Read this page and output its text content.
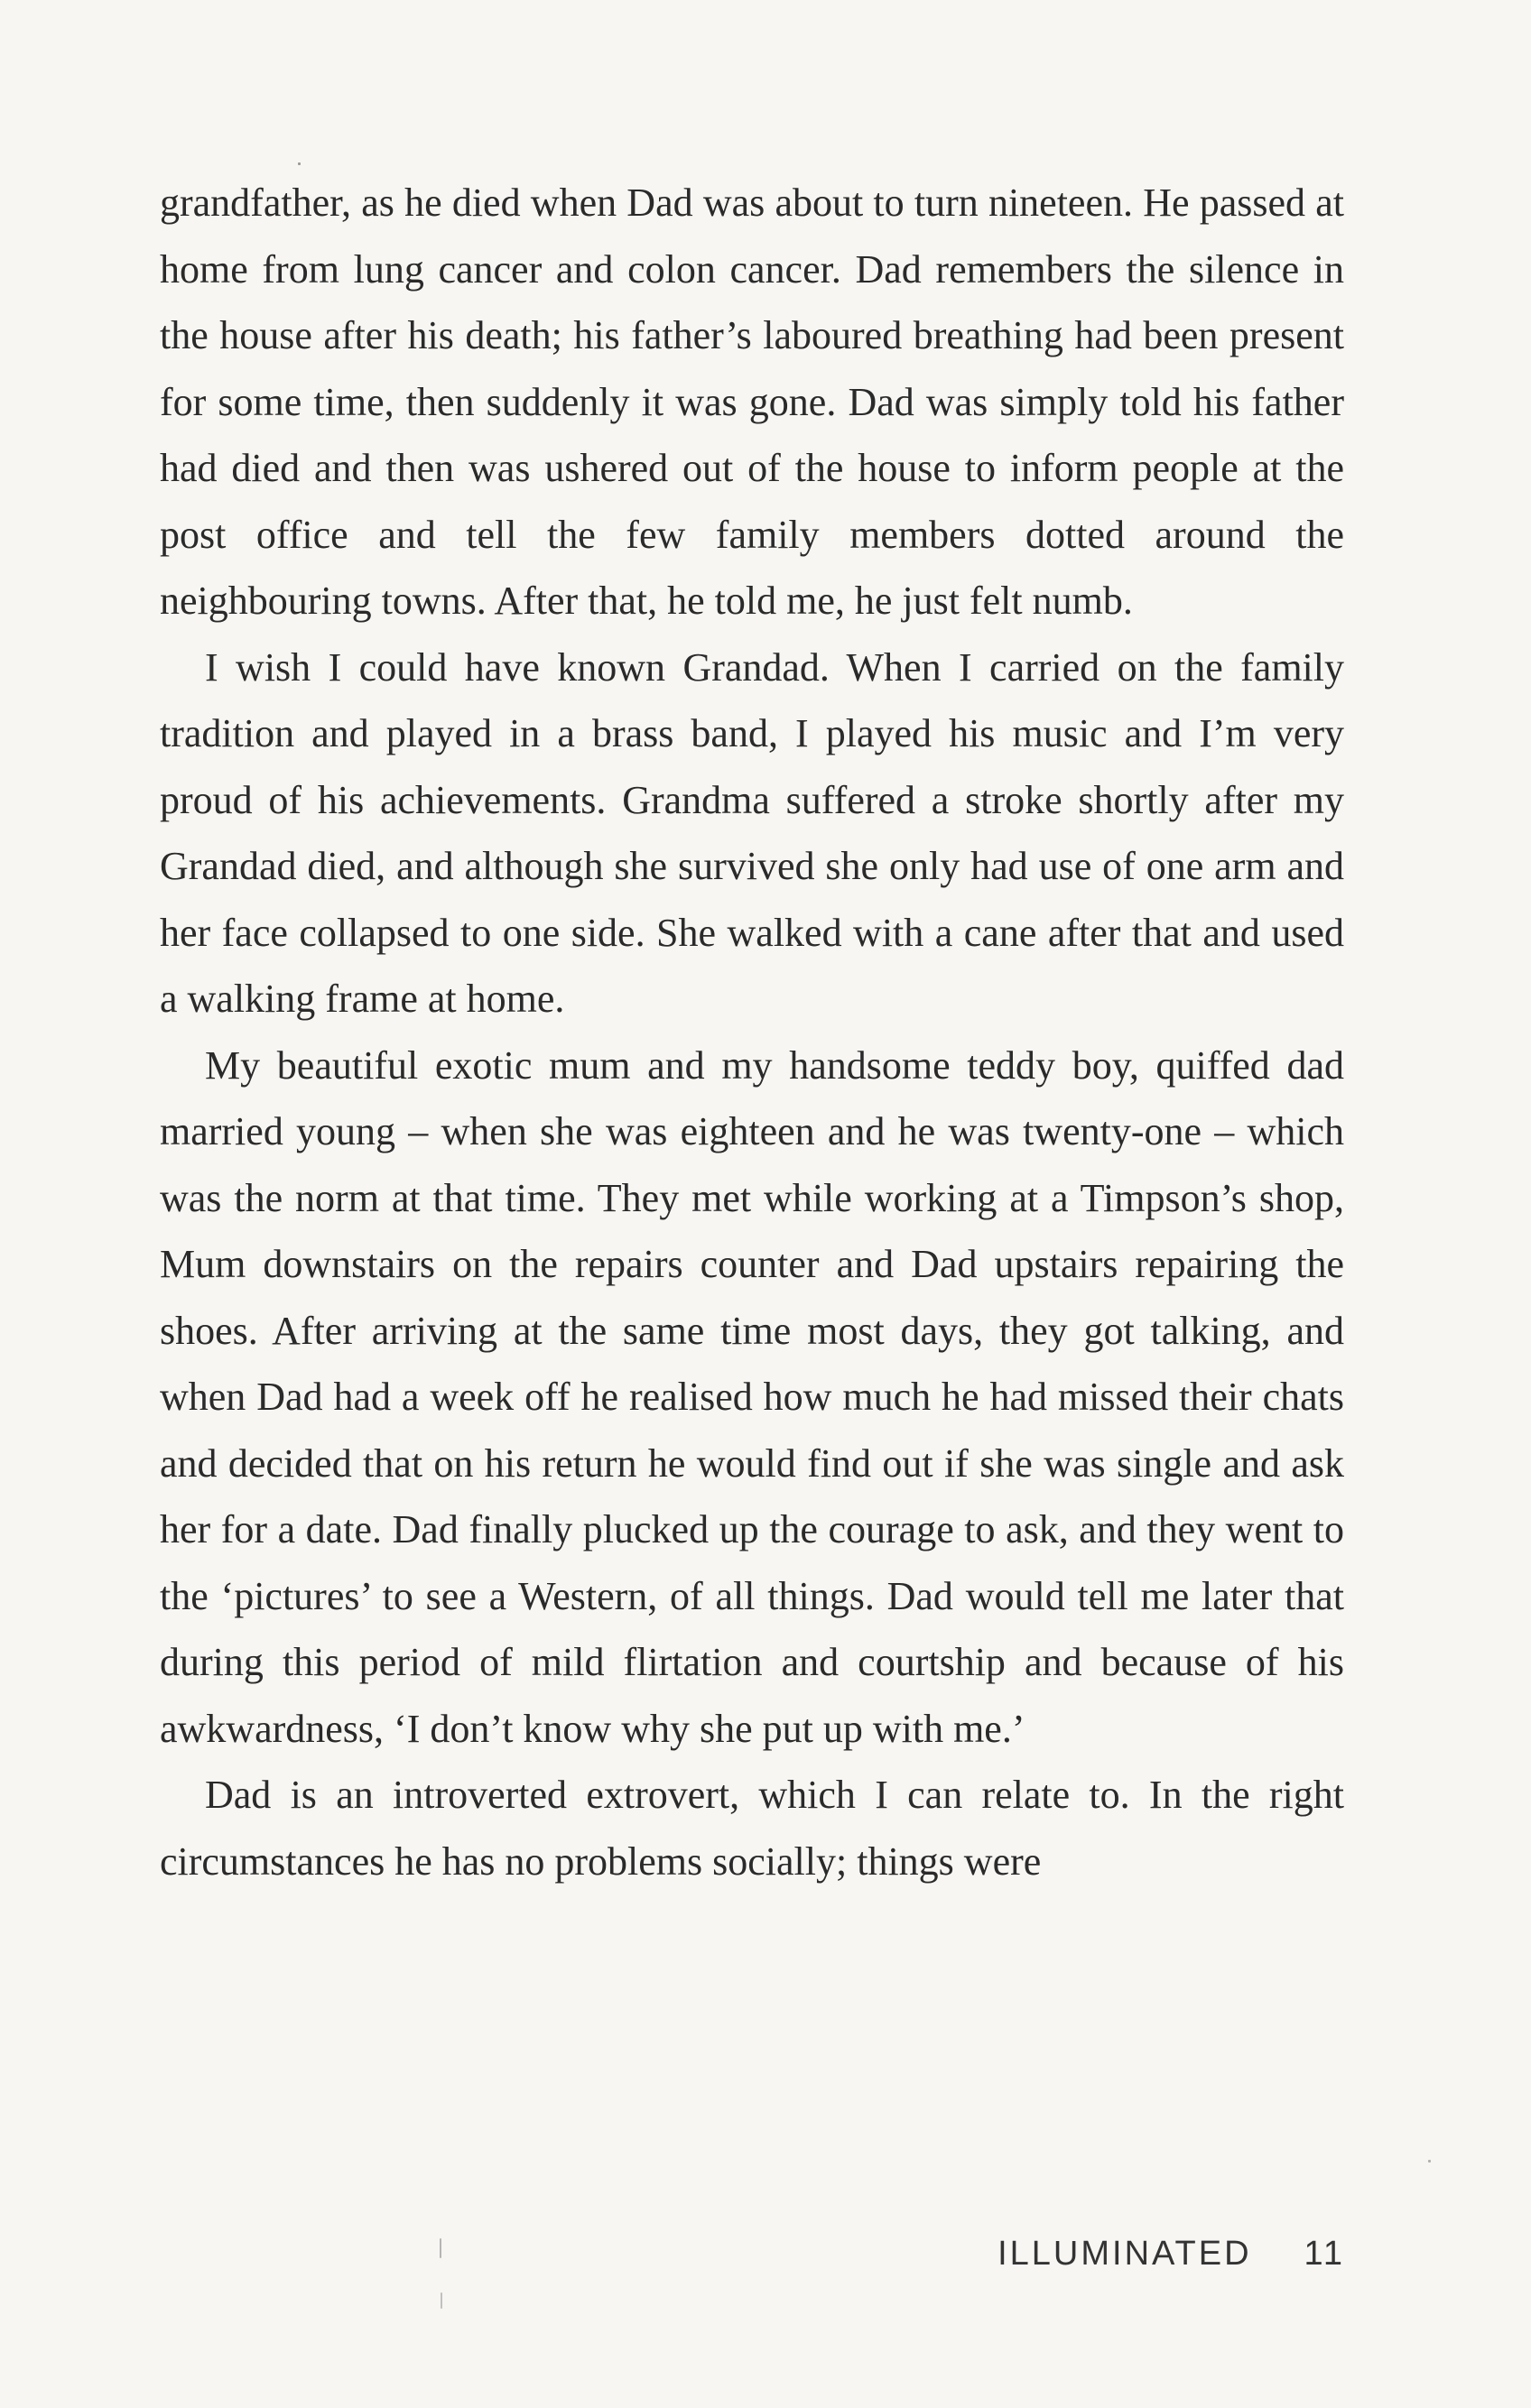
grandfather, as he died when Dad was about to turn nineteen. He passed at home from lung cancer and colon cancer. Dad remembers the silence in the house after his death; his father’s laboured breathing had been present for some time, then suddenly it was gone. Dad was simply told his father had died and then was ushered out of the house to inform people at the post office and tell the few family members dotted around the neighbouring towns. After that, he told me, he just felt numb.

I wish I could have known Grandad. When I carried on the family tradition and played in a brass band, I played his music and I’m very proud of his achievements. Grandma suffered a stroke shortly after my Grandad died, and although she survived she only had use of one arm and her face collapsed to one side. She walked with a cane after that and used a walking frame at home.

My beautiful exotic mum and my handsome teddy boy, quiffed dad married young – when she was eighteen and he was twenty-one – which was the norm at that time. They met while working at a Timpson’s shop, Mum downstairs on the repairs counter and Dad upstairs repairing the shoes. After arriving at the same time most days, they got talking, and when Dad had a week off he realised how much he had missed their chats and decided that on his return he would find out if she was single and ask her for a date. Dad finally plucked up the courage to ask, and they went to the ‘pictures’ to see a Western, of all things. Dad would tell me later that during this period of mild flirtation and courtship and because of his awkwardness, ‘I don’t know why she put up with me.’

Dad is an introverted extrovert, which I can relate to. In the right circumstances he has no problems socially; things were

ILLUMINATED 11
